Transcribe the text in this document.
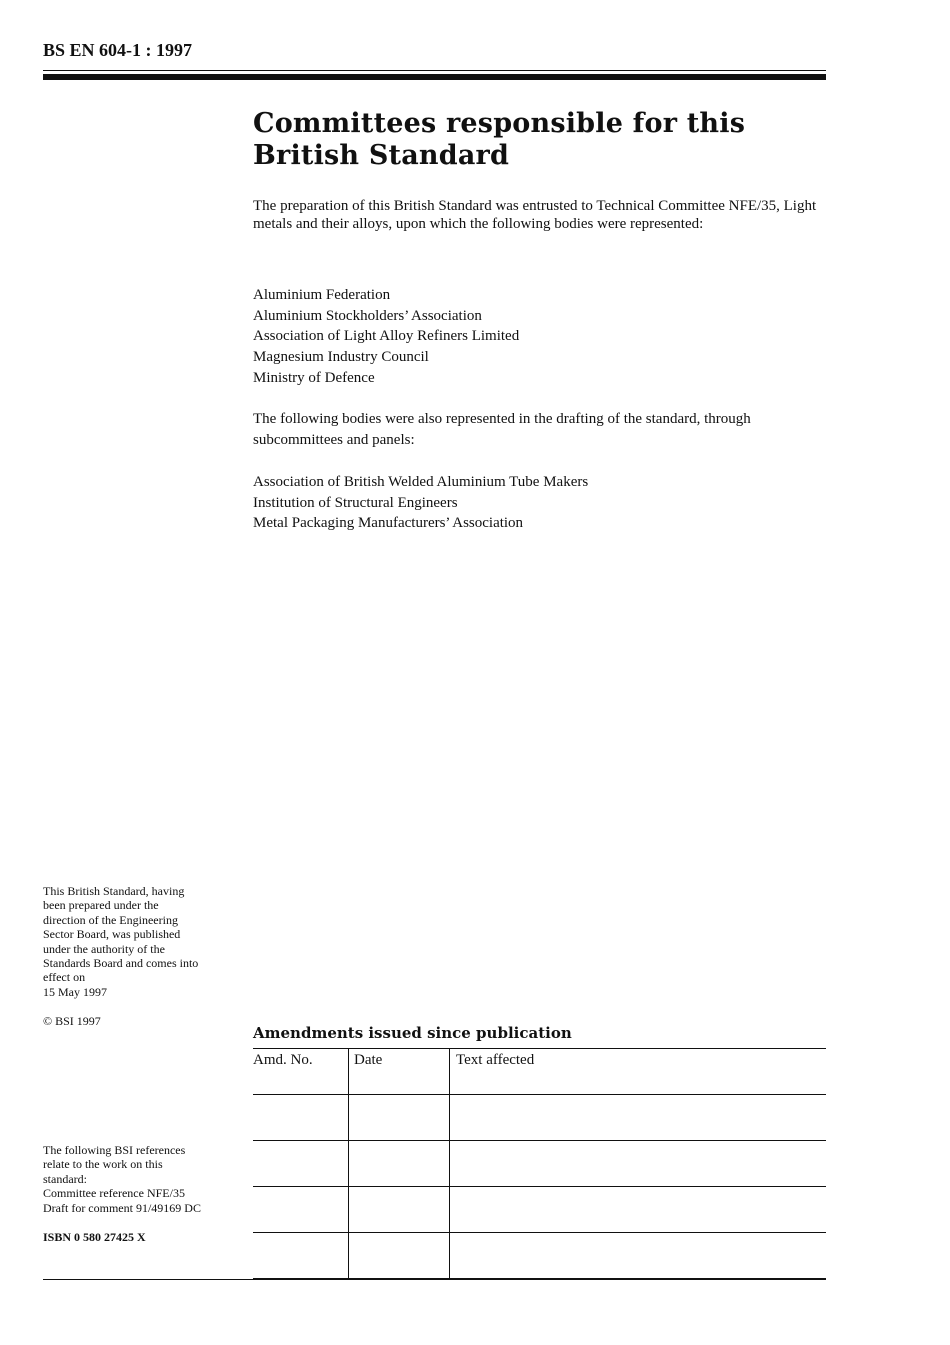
BS EN 604-1 : 1997
Committees responsible for this
British Standard
The preparation of this British Standard was entrusted to Technical Committee NFE/35, Light metals and their alloys, upon which the following bodies were represented:
Aluminium Federation
Aluminium Stockholders’ Association
Association of Light Alloy Refiners Limited
Magnesium Industry Council
Ministry of Defence
The following bodies were also represented in the drafting of the standard, through subcommittees and panels:
Association of British Welded Aluminium Tube Makers
Institution of Structural Engineers
Metal Packaging Manufacturers’ Association
This British Standard, having
been prepared under the
direction of the Engineering
Sector Board, was published
under the authority of the
Standards Board and comes into
effect on
15 May 1997
© BSI 1997
The following BSI references
relate to the work on this
standard:
Committee reference NFE/35
Draft for comment 91/49169 DC
ISBN 0 580 27425 X
Amendments issued since publication
Amd. No.	Date	Text affected
